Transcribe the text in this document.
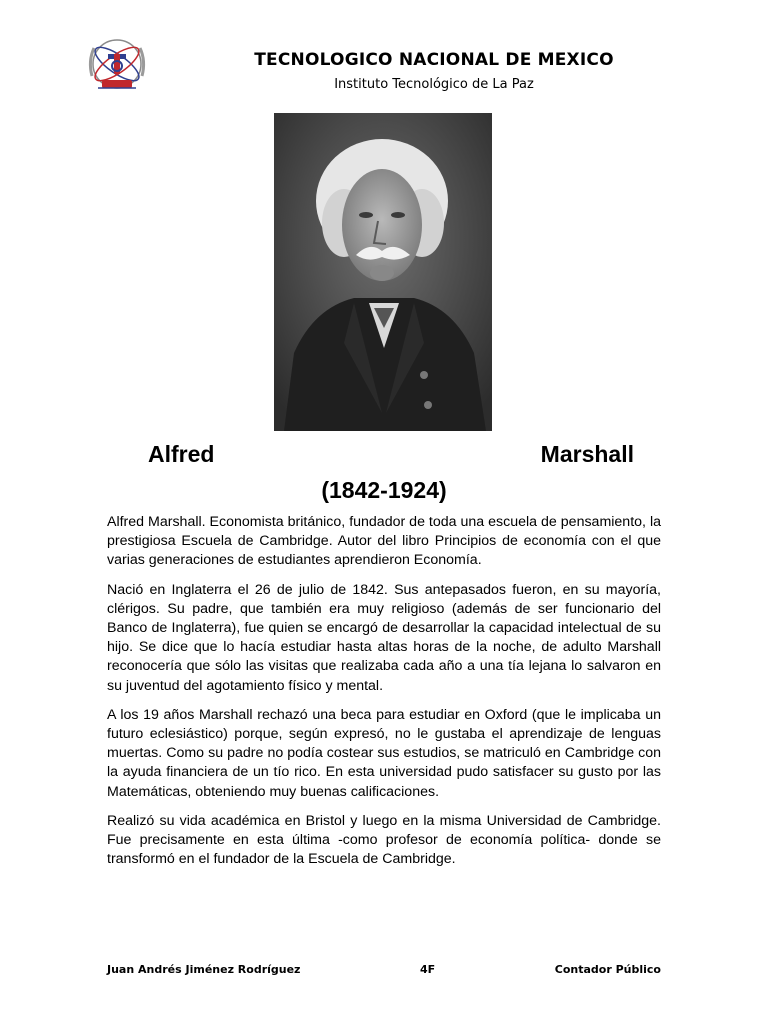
TECNOLOGICO NACIONAL DE MEXICO
Instituto Tecnológico de La Paz
Alfred	Marshall
(1842-1924)

Alfred Marshall. Economista británico, fundador de toda una escuela de pensamiento, la prestigiosa Escuela de Cambridge. Autor del libro Principios de economía con el que varias generaciones de estudiantes aprendieron Economía.

Nació en Inglaterra el 26 de julio de 1842. Sus antepasados fueron, en su mayoría, clérigos. Su padre, que también era muy religioso (además de ser funcionario del Banco de Inglaterra), fue quien se encargó de desarrollar la capacidad intelectual de su hijo. Se dice que lo hacía estudiar hasta altas horas de la noche, de adulto Marshall reconocería que sólo las visitas que realizaba cada año a una tía lejana lo salvaron en su juventud del agotamiento físico y mental.

A los 19 años Marshall rechazó una beca para estudiar en Oxford (que le implicaba un futuro eclesiástico) porque, según expresó, no le gustaba el aprendizaje de lenguas muertas. Como su padre no podía costear sus estudios, se matriculó en Cambridge con la ayuda financiera de un tío rico. En esta universidad pudo satisfacer su gusto por las Matemáticas, obteniendo muy buenas calificaciones.

Realizó su vida académica en Bristol y luego en la misma Universidad de Cambridge. Fue precisamente en esta última -como profesor de economía política- donde se transformó en el fundador de la Escuela de Cambridge.

Juan Andrés Jiménez Rodríguez	4F	Contador Público
